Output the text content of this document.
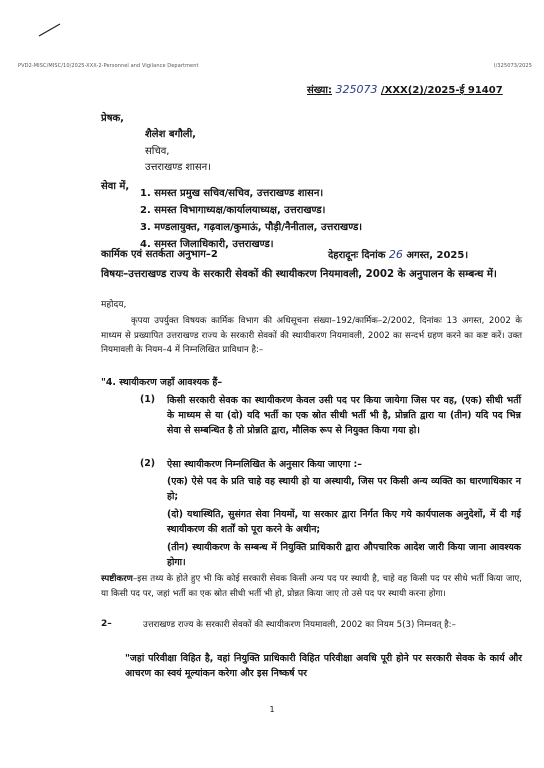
PVD2-MISC/MISC/10/2025-XXX-2-Personnel and Vigilance Department	I/325073/2025
संख्या: 325073 /XXX(2)/2025-ई 91407
प्रेषक,
शैलेश बगौली,
सचिव,
उत्तराखण्ड शासन।
सेवा में,
1. समस्त प्रमुख सचिव/सचिव, उत्तराखण्ड शासन।
2. समस्त विभागाध्यक्ष/कार्यालयाध्यक्ष, उत्तराखण्ड।
3. मण्डलायुक्त, गढ़वाल/कुमाऊं, पौड़ी/नैनीताल, उत्तराखण्ड।
4. समस्त जिलाधिकारी, उत्तराखण्ड।
कार्मिक एवं सतर्कता अनुभाग–2	देहरादूनः दिनांक 26 अगस्त, 2025।
विषयः–उत्तराखण्ड राज्य के सरकारी सेवकों की स्थायीकरण नियमावली, 2002 के अनुपालन के सम्बन्ध में।
महोदय,
कृपया उपर्युक्त विषयक कार्मिक विभाग की अधिसूचना संख्या–192/कार्मिक–2/2002, दिनांकः 13 अगस्त, 2002 के माध्यम से प्रख्यापित उत्तराखण्ड राज्य के सरकारी सेवकों की स्थायीकरण नियमावली, 2002 का सन्दर्भ ग्रहण करने का कष्ट करें। उक्त नियमावली के नियम–4 में निम्नलिखित प्राविधान है:–
"4. स्थायीकरण जहाँ आवश्यक हैं–
(1) किसी सरकारी सेवक का स्थायीकरण केवल उसी पद पर किया जायेगा जिस पर वह, (एक) सीधी भर्ती के माध्यम से या (दो) यदि भर्ती का एक स्रोत सीधी भर्ती भी है, प्रोन्नति द्वारा या (तीन) यदि पद भिन्न सेवा से सम्बन्धित है तो प्रोन्नति द्वारा, मौलिक रूप से नियुक्त किया गया हो।
(2) ऐसा स्थायीकरण निम्नलिखित के अनुसार किया जाएगा :–
(एक) ऐसे पद के प्रति चाहे वह स्थायी हो या अस्थायी, जिस पर किसी अन्य व्यक्ति का धारणाधिकार न हो;
(दो) यथास्थिति, सुसंगत सेवा नियमों, या सरकार द्वारा निर्गत किए गये कार्यपालक अनुदेशों, में दी गई स्थायीकरण की शर्तों को पूरा करने के अधीन;
(तीन) स्थायीकरण के सम्बन्ध में नियुक्ति प्राधिकारी द्वारा औपचारिक आदेश जारी किया जाना आवश्यक होगा।
स्पष्टीकरण–इस तथ्य के होते हुए भी कि कोई सरकारी सेवक किसी अन्य पद पर स्थायी है, चाहे वह किसी पद पर सीधे भर्ती किया जाए, या किसी पद पर, जहां भर्ती का एक स्रोत सीधी भर्ती भी हो, प्रोन्नत किया जाए तो उसे पद पर स्थायी करना होगा।
2–	उत्तराखण्ड राज्य के सरकारी सेवकों की स्थायीकरण नियमावली, 2002 का नियम 5(3) निम्नवत् है:–
"जहां परिवीक्षा विहित है, वहां नियुक्ति प्राधिकारी विहित परिवीक्षा अवधि पूरी होने पर सरकारी सेवक के कार्य और आचरण का स्वयं मूल्यांकन करेगा और इस निष्कर्ष पर
1
